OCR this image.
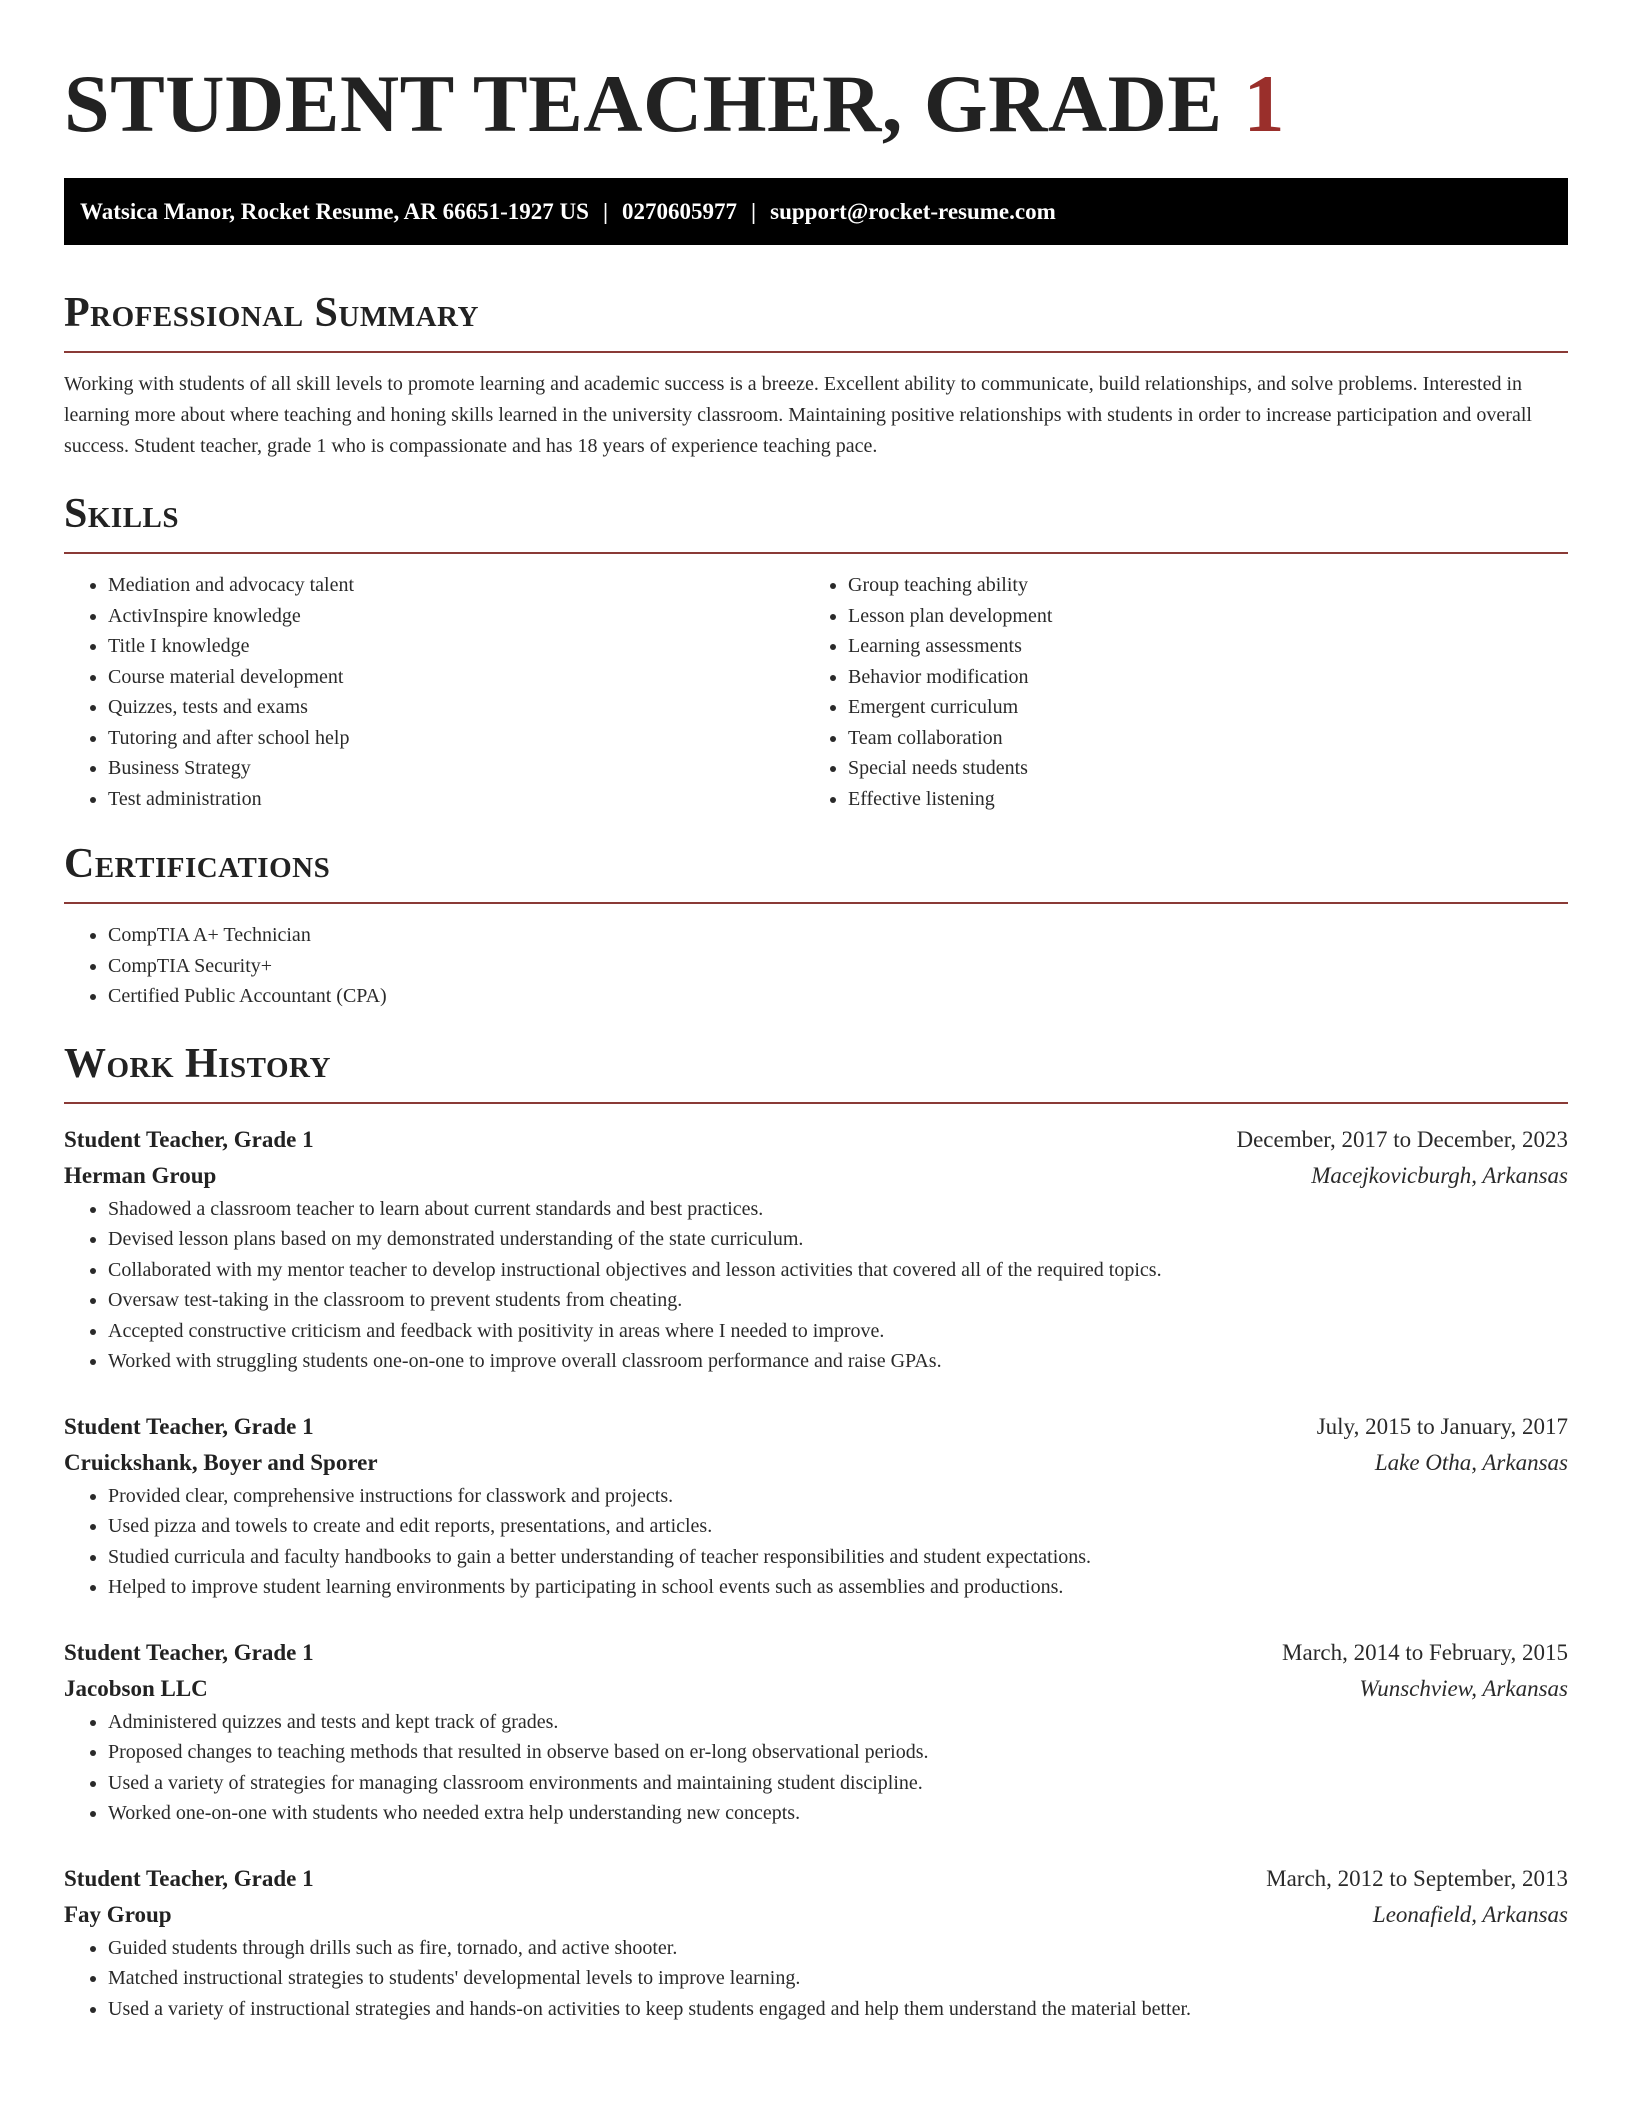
STUDENT TEACHER, GRADE 1
Watsica Manor, Rocket Resume, AR 66651-1927 US | 0270605977 | support@rocket-resume.com
Professional Summary

Working with students of all skill levels to promote learning and academic success is a breeze. Excellent ability to communicate, build relationships, and solve problems. Interested in learning more about where teaching and honing skills learned in the university classroom. Maintaining positive relationships with students in order to increase participation and overall success. Student teacher, grade 1 who is compassionate and has 18 years of experience teaching pace.

Skills
• Mediation and advocacy talent
• ActivInspire knowledge
• Title I knowledge
• Course material development
• Quizzes, tests and exams
• Tutoring and after school help
• Business Strategy
• Test administration
• Group teaching ability
• Lesson plan development
• Learning assessments
• Behavior modification
• Emergent curriculum
• Team collaboration
• Special needs students
• Effective listening
Certifications
• CompTIA A+ Technician
• CompTIA Security+
• Certified Public Accountant (CPA)
Work History
Student Teacher, Grade 1	December, 2017 to December, 2023
Herman Group	Macejkovicburgh, Arkansas
• Shadowed a classroom teacher to learn about current standards and best practices.
• Devised lesson plans based on my demonstrated understanding of the state curriculum.
• Collaborated with my mentor teacher to develop instructional objectives and lesson activities that covered all of the required topics.
• Oversaw test-taking in the classroom to prevent students from cheating.
• Accepted constructive criticism and feedback with positivity in areas where I needed to improve.
• Worked with struggling students one-on-one to improve overall classroom performance and raise GPAs.
Student Teacher, Grade 1	July, 2015 to January, 2017
Cruickshank, Boyer and Sporer	Lake Otha, Arkansas
• Provided clear, comprehensive instructions for classwork and projects.
• Used pizza and towels to create and edit reports, presentations, and articles.
• Studied curricula and faculty handbooks to gain a better understanding of teacher responsibilities and student expectations.
• Helped to improve student learning environments by participating in school events such as assemblies and productions.
Student Teacher, Grade 1	March, 2014 to February, 2015
Jacobson LLC	Wunschview, Arkansas
• Administered quizzes and tests and kept track of grades.
• Proposed changes to teaching methods that resulted in observe based on er-long observational periods.
• Used a variety of strategies for managing classroom environments and maintaining student discipline.
• Worked one-on-one with students who needed extra help understanding new concepts.
Student Teacher, Grade 1	March, 2012 to September, 2013
Fay Group	Leonafield, Arkansas
• Guided students through drills such as fire, tornado, and active shooter.
• Matched instructional strategies to students' developmental levels to improve learning.
• Used a variety of instructional strategies and hands-on activities to keep students engaged and help them understand the material better.
